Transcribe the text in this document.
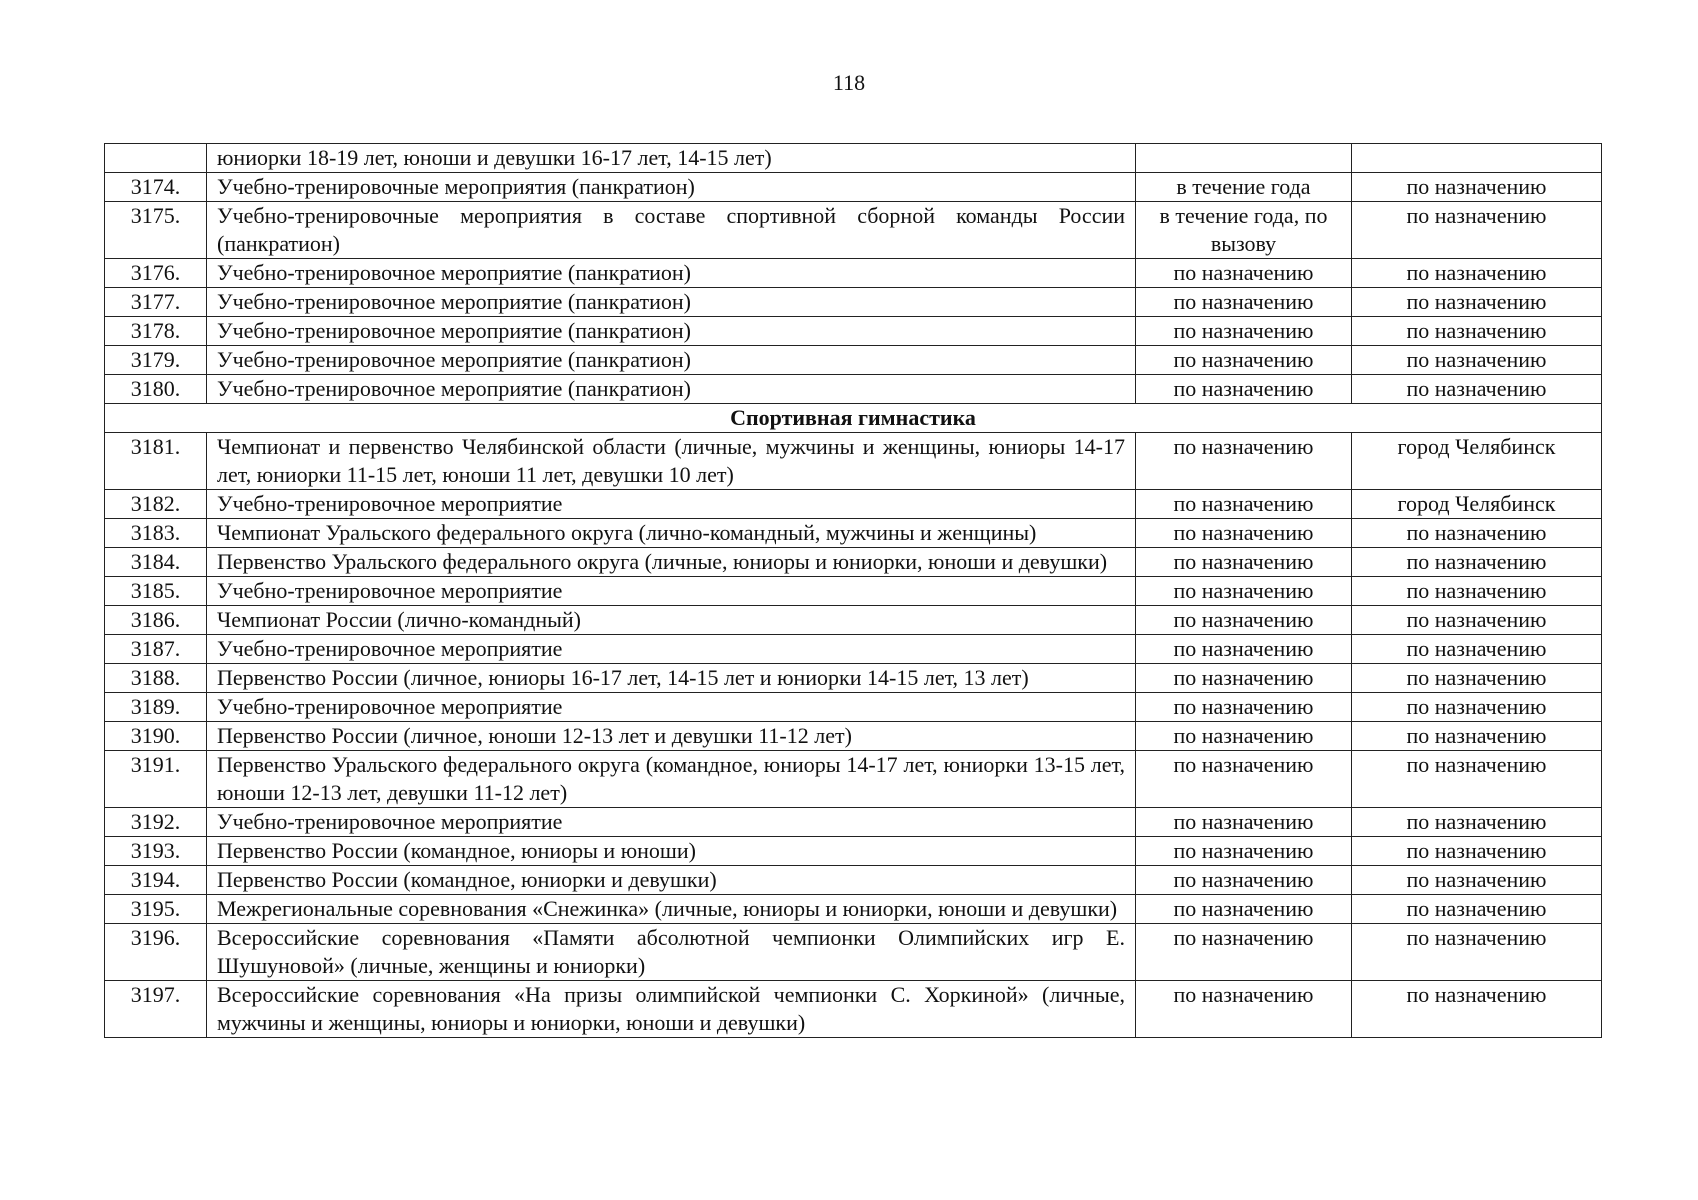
118
	юниорки 18-19 лет, юноши и девушки 16-17 лет, 14-15 лет)		
3174.	Учебно-тренировочные мероприятия (панкратион)	в течение года	по назначению
3175.	Учебно-тренировочные мероприятия в составе спортивной сборной команды России (панкратион)	в течение года, по вызову	по назначению
3176.	Учебно-тренировочное мероприятие (панкратион)	по назначению	по назначению
3177.	Учебно-тренировочное мероприятие (панкратион)	по назначению	по назначению
3178.	Учебно-тренировочное мероприятие (панкратион)	по назначению	по назначению
3179.	Учебно-тренировочное мероприятие (панкратион)	по назначению	по назначению
3180.	Учебно-тренировочное мероприятие (панкратион)	по назначению	по назначению
Спортивная гимнастика			
3181.	Чемпионат и первенство Челябинской области (личные, мужчины и женщины, юниоры 14-17 лет, юниорки 11-15 лет, юноши 11 лет, девушки 10 лет)	по назначению	город Челябинск
3182.	Учебно-тренировочное мероприятие	по назначению	город Челябинск
3183.	Чемпионат Уральского федерального округа (лично-командный, мужчины и женщины)	по назначению	по назначению
3184.	Первенство Уральского федерального округа (личные, юниоры и юниорки, юноши и девушки)	по назначению	по назначению
3185.	Учебно-тренировочное мероприятие	по назначению	по назначению
3186.	Чемпионат России (лично-командный)	по назначению	по назначению
3187.	Учебно-тренировочное мероприятие	по назначению	по назначению
3188.	Первенство России (личное, юниоры 16-17 лет, 14-15 лет и юниорки 14-15 лет, 13 лет)	по назначению	по назначению
3189.	Учебно-тренировочное мероприятие	по назначению	по назначению
3190.	Первенство России (личное, юноши 12-13 лет и девушки 11-12 лет)	по назначению	по назначению
3191.	Первенство Уральского федерального округа (командное, юниоры 14-17 лет, юниорки 13-15 лет, юноши 12-13 лет, девушки 11-12 лет)	по назначению	по назначению
3192.	Учебно-тренировочное мероприятие	по назначению	по назначению
3193.	Первенство России (командное, юниоры и юноши)	по назначению	по назначению
3194.	Первенство России (командное, юниорки и девушки)	по назначению	по назначению
3195.	Межрегиональные соревнования «Снежинка» (личные, юниоры и юниорки, юноши и девушки)	по назначению	по назначению
3196.	Всероссийские соревнования «Памяти абсолютной чемпионки Олимпийских игр Е. Шушуновой» (личные, женщины и юниорки)	по назначению	по назначению
3197.	Всероссийские соревнования «На призы олимпийской чемпионки С. Хоркиной» (личные, мужчины и женщины, юниоры и юниорки, юноши и девушки)	по назначению	по назначению
